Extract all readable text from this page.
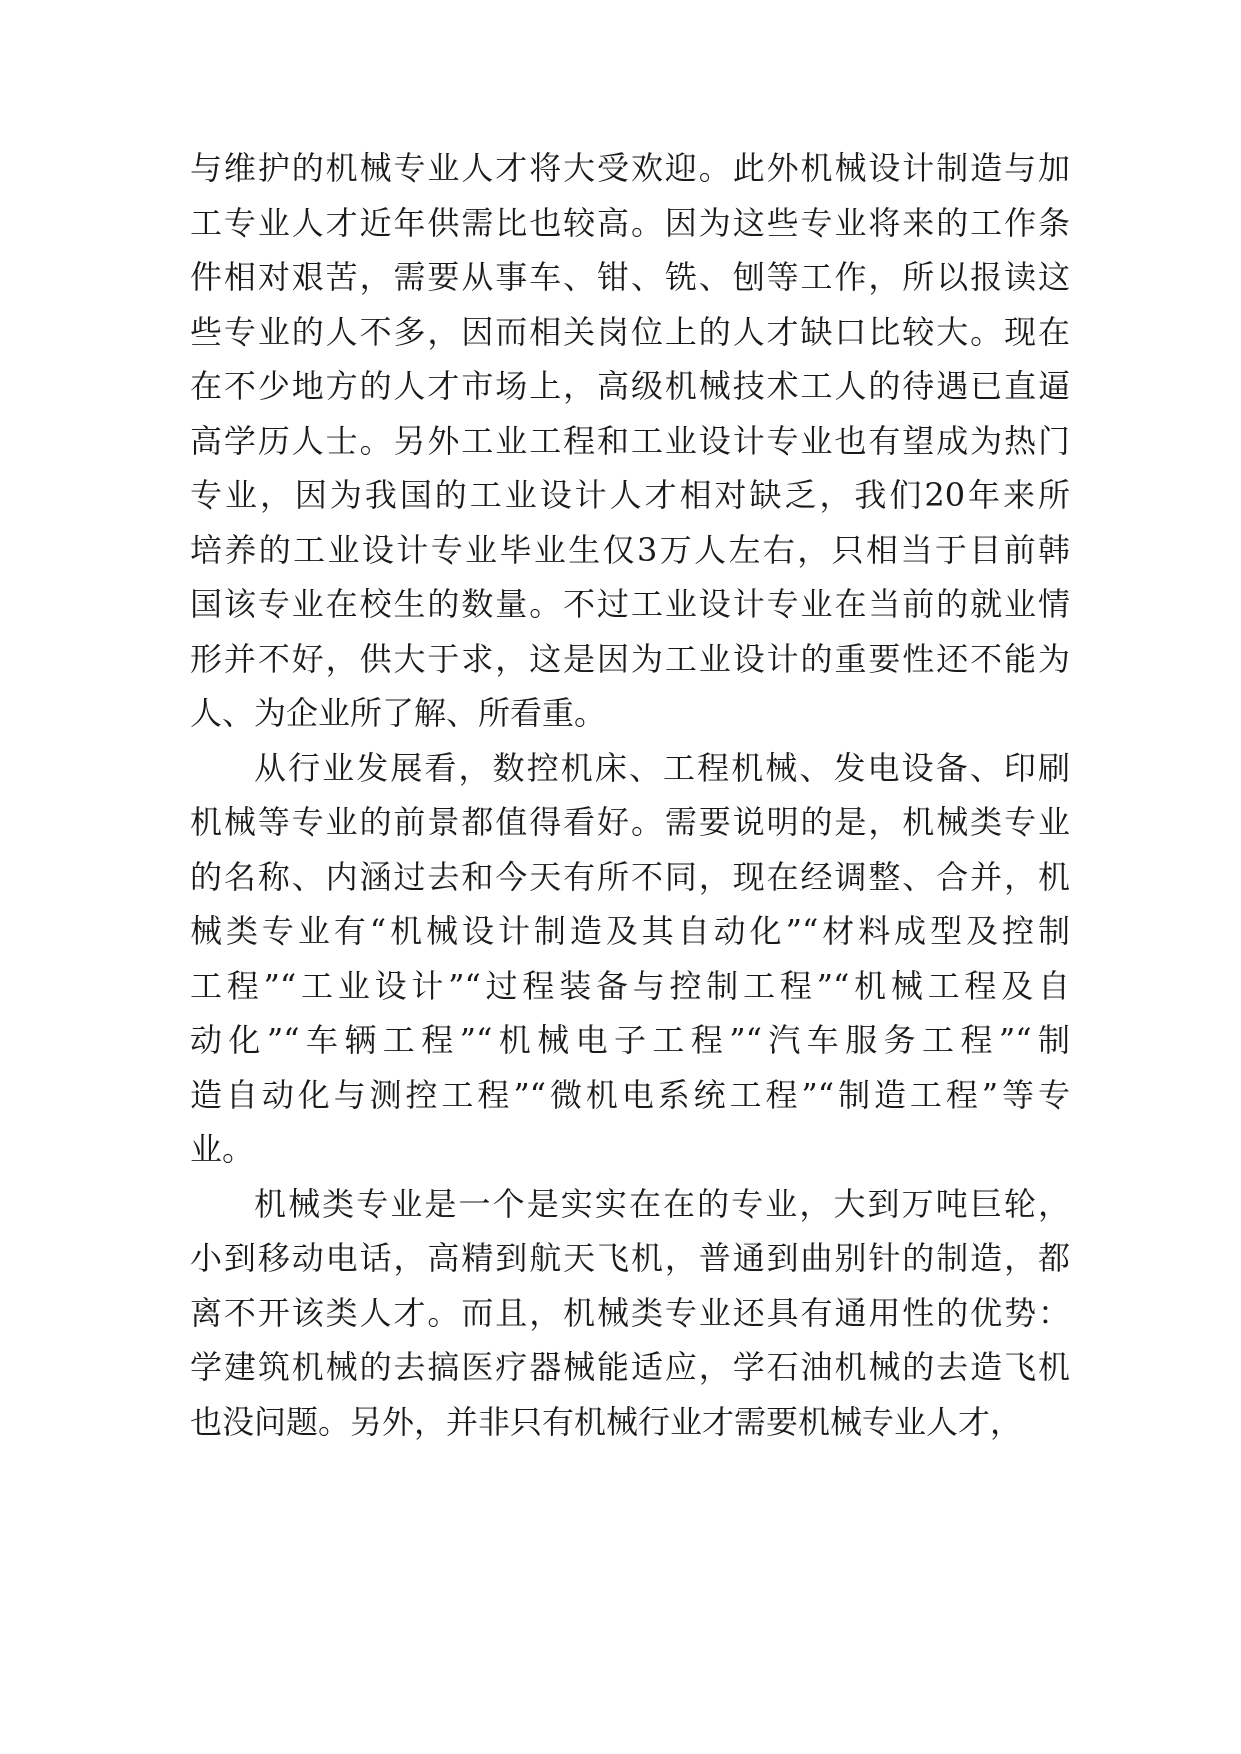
与维护的机械专业人才将大受欢迎。此外机械设计制造与加
工专业人才近年供需比也较高。因为这些专业将来的工作条
件相对艰苦，需要从事车、钳、铣、刨等工作，所以报读这
些专业的人不多，因而相关岗位上的人才缺口比较大。现在
在不少地方的人才市场上，高级机械技术工人的待遇已直逼
高学历人士。另外工业工程和工业设计专业也有望成为热门
专业，因为我国的工业设计人才相对缺乏，我们20年来所
培养的工业设计专业毕业生仅3万人左右，只相当于目前韩
国该专业在校生的数量。不过工业设计专业在当前的就业情
形并不好，供大于求，这是因为工业设计的重要性还不能为
人、为企业所了解、所看重。
从行业发展看，数控机床、工程机械、发电设备、印刷
机械等专业的前景都值得看好。需要说明的是，机械类专业
的名称、内涵过去和今天有所不同，现在经调整、合并，机
械类专业有“机械设计制造及其自动化”“材料成型及控制
工程”“工业设计”“过程装备与控制工程”“机械工程及自
动化”“车辆工程”“机械电子工程”“汽车服务工程”“制
造自动化与测控工程”“微机电系统工程”“制造工程”等专
业。
机械类专业是一个是实实在在的专业，大到万吨巨轮，
小到移动电话，高精到航天飞机，普通到曲别针的制造，都
离不开该类人才。而且，机械类专业还具有通用性的优势：
学建筑机械的去搞医疗器械能适应，学石油机械的去造飞机
也没问题。另外，并非只有机械行业才需要机械专业人才，
